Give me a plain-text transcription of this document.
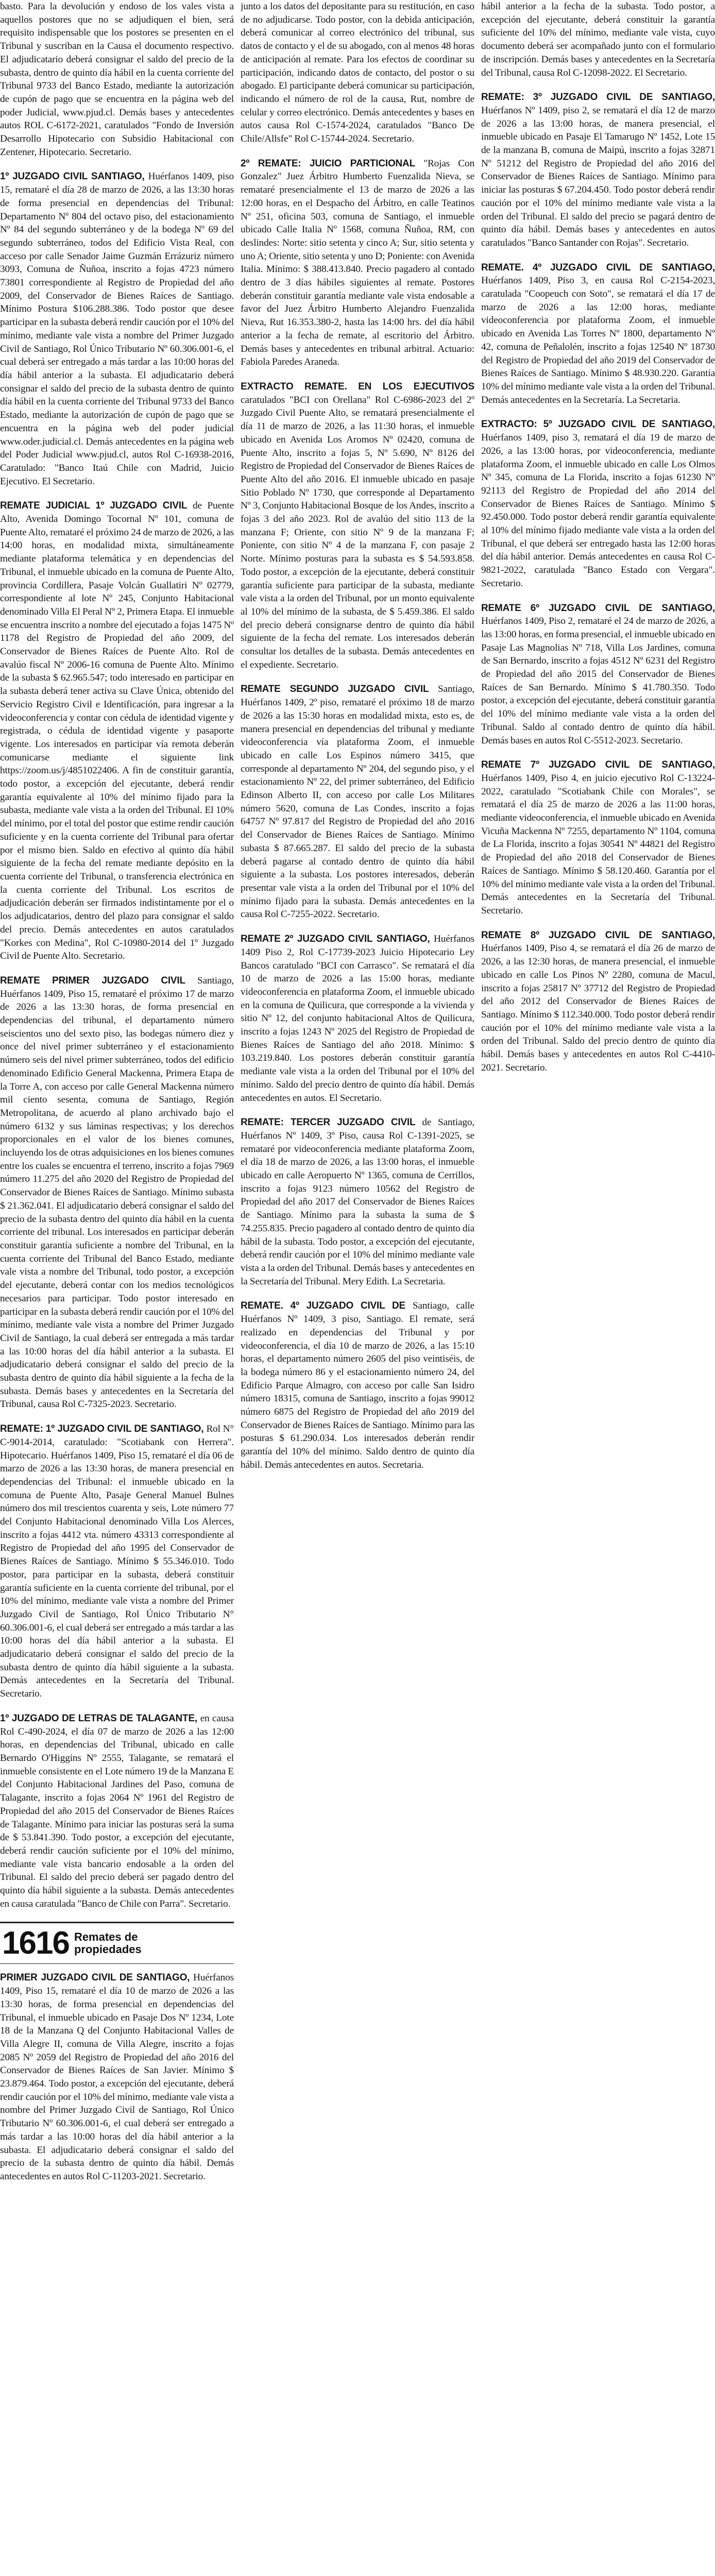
basto. Para la devolución y endoso de los vales vista a aquellos postores que no se adjudiquen el bien, será requisito indispensable que los postores se presenten en el Tribunal y suscriban en la Causa el documento respectivo. El adjudicatario deberá consignar el saldo del precio de la subasta, dentro de quinto día hábil en la cuenta corriente del Tribunal 9733 del Banco Estado, mediante la autorización de cupón de pago que se encuentra en la página web del poder Judicial, www.pjud.cl. Demás bases y antecedentes autos ROL C-6172-2021, caratulados "Fondo de Inversión Desarrollo Hipotecario con Subsidio Habitacional con Zentener, Hipotecario. Secretario.

1º JUZGADO CIVIL SANTIAGO, Huérfanos 1409, piso 15, remataré el día 28 de marzo de 2026, a las 13:30 horas de forma presencial en dependencias del Tribunal: Departamento Nº 804 del octavo piso, del estacionamiento Nº 84 del segundo subterráneo y de la bodega Nº 69 del segundo subterráneo, todos del Edificio Vista Real, con acceso por calle Senador Jaime Guzmán Errázuriz número 3093, Comuna de Ñuñoa, inscrito a fojas 4723 número 73801 correspondiente al Registro de Propiedad del año 2009, del Conservador de Bienes Raíces de Santiago. Mínimo Postura $106.288.386. Todo postor que desee participar en la subasta deberá rendir caución por el 10% del mínimo, mediante vale vista a nombre del Primer Juzgado Civil de Santiago, Rol Único Tributario Nº 60.306.001-6, el cual deberá ser entregado a más tardar a las 10:00 horas del día hábil anterior a la subasta. El adjudicatario deberá consignar el saldo del precio de la subasta dentro de quinto día hábil en la cuenta corriente del Tribunal 9733 del Banco Estado, mediante la autorización de cupón de pago que se encuentra en la página web del poder judicial www.oder.judicial.cl. Demás antecedentes en la página web del Poder Judicial www.pjud.cl, autos Rol C-16938-2016, Caratulado: "Banco Itaú Chile con Madrid, Juicio Ejecutivo. El Secretario.

REMATE JUDICIAL 1º JUZGADO CIVIL de Puente Alto, Avenida Domingo Tocornal Nº 101, comuna de Puente Alto, remataré el próximo 24 de marzo de 2026, a las 14:00 horas, en modalidad mixta, simultáneamente mediante plataforma telemática y en dependencias del Tribunal, el inmueble ubicado en la comuna de Puente Alto, provincia Cordillera, Pasaje Volcán Guallatiri Nº 02779, correspondiente al lote Nº 245, Conjunto Habitacional denominado Villa El Peral Nº 2, Primera Etapa. El inmueble se encuentra inscrito a nombre del ejecutado a fojas 1475 Nº 1178 del Registro de Propiedad del año 2009, del Conservador de Bienes Raíces de Puente Alto. Rol de avalúo fiscal Nº 2006-16 comuna de Puente Alto. Mínimo de la subasta $ 62.965.547; todo interesado en participar en la subasta deberá tener activa su Clave Única, obtenido del Servicio Registro Civil e Identificación, para ingresar a la videoconferencia y contar con cédula de identidad vigente y registrada, o cédula de identidad vigente y pasaporte vigente. Los interesados en participar vía remota deberán comunicarse mediante el siguiente link https://zoom.us/j/4851022406. A fin de constituir garantía, todo postor, a excepción del ejecutante, deberá rendir garantía equivalente al 10% del mínimo fijado para la subasta, mediante vale vista a la orden del Tribunal. El 10% del mínimo, por el total del postor que estime rendir caución suficiente y en la cuenta corriente del Tribunal para ofertar por el mismo bien. Saldo en efectivo al quinto día hábil siguiente de la fecha del remate mediante depósito en la cuenta corriente del Tribunal, o transferencia electrónica en la cuenta corriente del Tribunal. Los escritos de adjudicación deberán ser firmados indistintamente por el o los adjudicatarios, dentro del plazo para consignar el saldo del precio. Demás antecedentes en autos caratulados "Korkes con Medina", Rol C-10980-2014 del 1º Juzgado Civil de Puente Alto. Secretario.

REMATE PRIMER JUZGADO CIVIL Santiago, Huérfanos 1409, Piso 15, remataré el próximo 17 de marzo de 2026 a las 13:30 horas, de forma presencial en dependencias del tribunal, el departamento número seiscientos uno del sexto piso, las bodegas número diez y once del nivel primer subterráneo y el estacionamiento número seis del nivel primer subterráneo, todos del edificio denominado Edificio General Mackenna, Primera Etapa de la Torre A, con acceso por calle General Mackenna número mil ciento sesenta, comuna de Santiago, Región Metropolitana, de acuerdo al plano archivado bajo el número 6132 y sus láminas respectivas; y los derechos proporcionales en el valor de los bienes comunes, incluyendo los de otras adquisiciones en los bienes comunes entre los cuales se encuentra el terreno, inscrito a fojas 7969 número 11.275 del año 2020 del Registro de Propiedad del Conservador de Bienes Raíces de Santiago. Mínimo subasta $ 21.362.041. El adjudicatario deberá consignar el saldo del precio de la subasta dentro del quinto día hábil en la cuenta corriente del tribunal. Los interesados en participar deberán constituir garantía suficiente a nombre del Tribunal, en la cuenta corriente del Tribunal del Banco Estado, mediante vale vista a nombre del Tribunal, todo postor, a excepción del ejecutante, deberá contar con los medios tecnológicos necesarios para participar. Todo postor interesado en participar en la subasta deberá rendir caución por el 10% del mínimo, mediante vale vista a nombre del Primer Juzgado Civil de Santiago, la cual deberá ser entregada a más tardar a las 10:00 horas del día hábil anterior a la subasta. El adjudicatario deberá consignar el saldo del precio de la subasta dentro de quinto día hábil siguiente a la fecha de la subasta. Demás bases y antecedentes en la Secretaría del Tribunal, causa Rol C-7325-2023. Secretario.

REMATE: 1º JUZGADO CIVIL DE SANTIAGO, Rol N° C-9014-2014, caratulado: "Scotiabank con Herrera". Hipotecario. Huérfanos 1409, Piso 15, remataré el día 06 de marzo de 2026 a las 13:30 horas, de manera presencial en dependencias del Tribunal: el inmueble ubicado en la comuna de Puente Alto, Pasaje General Manuel Bulnes número dos mil trescientos cuarenta y seis, Lote número 77 del Conjunto Habitacional denominado Villa Los Alerces, inscrito a fojas 4412 vta. número 43313 correspondiente al Registro de Propiedad del año 1995 del Conservador de Bienes Raíces de Santiago. Mínimo $ 55.346.010. Todo postor, para participar en la subasta, deberá constituir garantía suficiente en la cuenta corriente del tribunal, por el 10% del mínimo, mediante vale vista a nombre del Primer Juzgado Civil de Santiago, Rol Único Tributario N° 60.306.001-6, el cual deberá ser entregado a más tardar a las 10:00 horas del día hábil anterior a la subasta. El adjudicatario deberá consignar el saldo del precio de la subasta dentro de quinto día hábil siguiente a la subasta. Demás antecedentes en la Secretaría del Tribunal. Secretario.

1º JUZGADO DE LETRAS DE TALAGANTE, en causa Rol C-490-2024, el día 07 de marzo de 2026 a las 12:00 horas, en dependencias del Tribunal, ubicado en calle Bernardo O'Higgins Nº 2555, Talagante, se rematará el inmueble consistente en el Lote número 19 de la Manzana E del Conjunto Habitacional Jardines del Paso, comuna de Talagante, inscrito a fojas 2064 Nº 1961 del Registro de Propiedad del año 2015 del Conservador de Bienes Raíces de Talagante. Mínimo para iniciar las posturas será la suma de $ 53.841.390. Todo postor, a excepción del ejecutante, deberá rendir caución suficiente por el 10% del mínimo, mediante vale vista bancario endosable a la orden del Tribunal. El saldo del precio deberá ser pagado dentro del quinto día hábil siguiente a la subasta. Demás antecedentes en causa caratulada "Banco de Chile con Parra". Secretario.

1616 Remates de propiedades

PRIMER JUZGADO CIVIL DE SANTIAGO, Huérfanos 1409, Piso 15, remataré el día 10 de marzo de 2026 a las 13:30 horas, de forma presencial en dependencias del Tribunal, el inmueble ubicado en Pasaje Dos Nº 1234, Lote 18 de la Manzana Q del Conjunto Habitacional Valles de Villa Alegre II, comuna de Villa Alegre, inscrito a fojas 2085 Nº 2059 del Registro de Propiedad del año 2016 del Conservador de Bienes Raíces de San Javier. Mínimo $ 23.879.464. Todo postor, a excepción del ejecutante, deberá rendir caución por el 10% del mínimo, mediante vale vista a nombre del Primer Juzgado Civil de Santiago, Rol Único Tributario Nº 60.306.001-6, el cual deberá ser entregado a más tardar a las 10:00 horas del día hábil anterior a la subasta. El adjudicatario deberá consignar el saldo del precio de la subasta dentro de quinto día hábil. Demás antecedentes en autos Rol C-11203-2021. Secretario.

junto a los datos del depositante para su restitución, en caso de no adjudicarse. Todo postor, con la debida anticipación, deberá comunicar al correo electrónico del tribunal, sus datos de contacto y el de su abogado, con al menos 48 horas de anticipación al remate. Para los efectos de coordinar su participación, indicando datos de contacto, del postor o su abogado. El participante deberá comunicar su participación, indicando el número de rol de la causa, Rut, nombre de celular y correo electrónico. Demás antecedentes y bases en autos causa Rol C-1574-2024, caratulados "Banco De Chile/Allsfe" Rol C-15744-2024. Secretario.

2º REMATE: JUICIO PARTICIONAL "Rojas Con Gonzalez" Juez Árbitro Humberto Fuenzalida Nieva, se remataré presencialmente el 13 de marzo de 2026 a las 12:00 horas, en el Despacho del Árbitro, en calle Teatinos Nº 251, oficina 503, comuna de Santiago, el inmueble ubicado Calle Italia Nº 1568, comuna Ñuñoa, RM, con deslindes: Norte: sitio setenta y cinco A; Sur, sitio setenta y uno A; Oriente, sitio setenta y uno D; Poniente: con Avenida Italia. Mínimo: $ 388.413.840. Precio pagadero al contado dentro de 3 días hábiles siguientes al remate. Postores deberán constituir garantía mediante vale vista endosable a favor del Juez Árbitro Humberto Alejandro Fuenzalida Nieva, Rut 16.353.380-2, hasta las 14:00 hrs. del día hábil anterior a la fecha de remate, al escritorio del Árbitro. Demás bases y antecedentes en tribunal arbitral. Actuario: Fabiola Paredes Araneda.

EXTRACTO REMATE. EN LOS EJECUTIVOS caratulados "BCI con Orellana" Rol C-6986-2023 del 2º Juzgado Civil Puente Alto, se rematará presencialmente el día 11 de marzo de 2026, a las 11:30 horas, el inmueble ubicado en Avenida Los Aromos Nº 02420, comuna de Puente Alto, inscrito a fojas 5, Nº 5.690, Nº 8126 del Registro de Propiedad del Conservador de Bienes Raíces de Puente Alto del año 2016. El inmueble ubicado en pasaje Sitio Poblado Nº 1730, que corresponde al Departamento Nº 3, Conjunto Habitacional Bosque de los Andes, inscrito a fojas 3 del año 2023. Rol de avalúo del sitio 113 de la manzana F; Oriente, con sitio Nº 9 de la manzana F; Poniente, con sitio Nº 4 de la manzana F, con pasaje 2 Norte. Mínimo posturas para la subasta es $ 54.593.858. Todo postor, a excepción de la ejecutante, deberá constituir garantía suficiente para participar de la subasta, mediante vale vista a la orden del Tribunal, por un monto equivalente al 10% del mínimo de la subasta, de $ 5.459.386. El saldo del precio deberá consignarse dentro de quinto día hábil siguiente de la fecha del remate. Los interesados deberán consultar los detalles de la subasta. Demás antecedentes en el expediente. Secretario.

REMATE SEGUNDO JUZGADO CIVIL Santiago, Huérfanos 1409, 2º piso, remataré el próximo 18 de marzo de 2026 a las 15:30 horas en modalidad mixta, esto es, de manera presencial en dependencias del tribunal y mediante videoconferencia vía plataforma Zoom, el inmueble ubicado en calle Los Espinos número 3415, que corresponde al departamento Nº 204, del segundo piso, y el estacionamiento Nº 22, del primer subterráneo, del Edificio Edinson Alberto II, con acceso por calle Los Militares número 5620, comuna de Las Condes, inscrito a fojas 64757 Nº 97.817 del Registro de Propiedad del año 2016 del Conservador de Bienes Raíces de Santiago. Mínimo subasta $ 87.665.287. El saldo del precio de la subasta deberá pagarse al contado dentro de quinto día hábil siguiente a la subasta. Los postores interesados, deberán presentar vale vista a la orden del Tribunal por el 10% del mínimo fijado para la subasta. Demás antecedentes en la causa Rol C-7255-2022. Secretario.

REMATE 2º JUZGADO CIVIL SANTIAGO, Huérfanos 1409 Piso 2, Rol C-17739-2023 Juicio Hipotecario Ley Bancos caratulado "BCI con Carrasco". Se rematará el día 10 de marzo de 2026 a las 15:00 horas, mediante videoconferencia en plataforma Zoom, el inmueble ubicado en la comuna de Quilicura, que corresponde a la vivienda y sitio Nº 12, del conjunto habitacional Altos de Quilicura, inscrito a fojas 1243 Nº 2025 del Registro de Propiedad de Bienes Raíces de Santiago del año 2018. Mínimo: $ 103.219.840. Los postores deberán constituir garantía mediante vale vista a la orden del Tribunal por el 10% del mínimo. Saldo del precio dentro de quinto día hábil. Demás antecedentes en autos. El Secretario.

REMATE: TERCER JUZGADO CIVIL de Santiago, Huérfanos Nº 1409, 3º Piso, causa Rol C-1391-2025, se remataré por videoconferencia mediante plataforma Zoom, el día 18 de marzo de 2026, a las 13:00 horas, el inmueble ubicado en calle Aeropuerto Nº 1365, comuna de Cerrillos, inscrito a fojas 9123 número 10562 del Registro de Propiedad del año 2017 del Conservador de Bienes Raíces de Santiago. Mínimo para la subasta la suma de $ 74.255.835. Precio pagadero al contado dentro de quinto día hábil de la subasta. Todo postor, a excepción del ejecutante, deberá rendir caución por el 10% del mínimo mediante vale vista a la orden del Tribunal. Demás bases y antecedentes en la Secretaría del Tribunal. Mery Edith. La Secretaria.

REMATE. 4º JUZGADO CIVIL DE Santiago, calle Huérfanos Nº 1409, 3 piso, Santiago. El remate, será realizado en dependencias del Tribunal y por videoconferencia, el día 10 de marzo de 2026, a las 15:10 horas, el departamento número 2605 del piso veintiséis, de la bodega número 86 y el estacionamiento número 24, del Edificio Parque Almagro, con acceso por calle San Isidro número 18315, comuna de Santiago, inscrito a fojas 99012 número 6875 del Registro de Propiedad del año 2019 del Conservador de Bienes Raíces de Santiago. Mínimo para las posturas $ 61.290.034. Los interesados deberán rendir garantía del 10% del mínimo. Saldo dentro de quinto día hábil. Demás antecedentes en autos. Secretaria.

hábil anterior a la fecha de la subasta. Todo postor, a excepción del ejecutante, deberá constituir la garantía suficiente del 10% del mínimo, mediante vale vista, cuyo documento deberá ser acompañado junto con el formulario de inscripción. Demás bases y antecedentes en la Secretaría del Tribunal, causa Rol C-12098-2022. El Secretario.

REMATE: 3º JUZGADO CIVIL DE SANTIAGO, Huérfanos Nº 1409, piso 2, se rematará el día 12 de marzo de 2026 a las 13:00 horas, de manera presencial, el inmueble ubicado en Pasaje El Tamarugo Nº 1452, Lote 15 de la manzana B, comuna de Maipú, inscrito a fojas 32871 Nº 51212 del Registro de Propiedad del año 2016 del Conservador de Bienes Raíces de Santiago. Mínimo para iniciar las posturas $ 67.204.450. Todo postor deberá rendir caución por el 10% del mínimo mediante vale vista a la orden del Tribunal. El saldo del precio se pagará dentro de quinto día hábil. Demás bases y antecedentes en autos caratulados "Banco Santander con Rojas". Secretario.

REMATE. 4º JUZGADO CIVIL DE SANTIAGO, Huérfanos 1409, Piso 3, en causa Rol C-2154-2023, caratulada "Coopeuch con Soto", se rematará el día 17 de marzo de 2026 a las 12:00 horas, mediante videoconferencia por plataforma Zoom, el inmueble ubicado en Avenida Las Torres Nº 1800, departamento Nº 42, comuna de Peñalolén, inscrito a fojas 12540 Nº 18730 del Registro de Propiedad del año 2019 del Conservador de Bienes Raíces de Santiago. Mínimo $ 48.930.220. Garantía 10% del mínimo mediante vale vista a la orden del Tribunal. Demás antecedentes en la Secretaría. La Secretaria.

EXTRACTO: 5º JUZGADO CIVIL DE SANTIAGO, Huérfanos 1409, piso 3, rematará el día 19 de marzo de 2026, a las 13:00 horas, por videoconferencia, mediante plataforma Zoom, el inmueble ubicado en calle Los Olmos Nº 345, comuna de La Florida, inscrito a fojas 61230 Nº 92113 del Registro de Propiedad del año 2014 del Conservador de Bienes Raíces de Santiago. Mínimo $ 92.450.000. Todo postor deberá rendir garantía equivalente al 10% del mínimo fijado mediante vale vista a la orden del Tribunal, el que deberá ser entregado hasta las 12:00 horas del día hábil anterior. Demás antecedentes en causa Rol C-9821-2022, caratulada "Banco Estado con Vergara". Secretario.

REMATE 6º JUZGADO CIVIL DE SANTIAGO, Huérfanos 1409, Piso 2, remataré el 24 de marzo de 2026, a las 13:00 horas, en forma presencial, el inmueble ubicado en Pasaje Las Magnolias Nº 718, Villa Los Jardines, comuna de San Bernardo, inscrito a fojas 4512 Nº 6231 del Registro de Propiedad del año 2015 del Conservador de Bienes Raíces de San Bernardo. Mínimo $ 41.780.350. Todo postor, a excepción del ejecutante, deberá constituir garantía del 10% del mínimo mediante vale vista a la orden del Tribunal. Saldo al contado dentro de quinto día hábil. Demás bases en autos Rol C-5512-2023. Secretario.

REMATE 7º JUZGADO CIVIL DE SANTIAGO, Huérfanos 1409, Piso 4, en juicio ejecutivo Rol C-13224-2022, caratulado "Scotiabank Chile con Morales", se rematará el día 25 de marzo de 2026 a las 11:00 horas, mediante videoconferencia, el inmueble ubicado en Avenida Vicuña Mackenna Nº 7255, departamento Nº 1104, comuna de La Florida, inscrito a fojas 30541 Nº 44821 del Registro de Propiedad del año 2018 del Conservador de Bienes Raíces de Santiago. Mínimo $ 58.120.460. Garantía por el 10% del mínimo mediante vale vista a la orden del Tribunal. Demás antecedentes en la Secretaría del Tribunal. Secretario.

REMATE 8º JUZGADO CIVIL DE SANTIAGO, Huérfanos 1409, Piso 4, se rematará el día 26 de marzo de 2026, a las 12:30 horas, de manera presencial, el inmueble ubicado en calle Los Pinos Nº 2280, comuna de Macul, inscrito a fojas 25817 Nº 37712 del Registro de Propiedad del año 2012 del Conservador de Bienes Raíces de Santiago. Mínimo $ 112.340.000. Todo postor deberá rendir caución por el 10% del mínimo mediante vale vista a la orden del Tribunal. Saldo del precio dentro de quinto día hábil. Demás bases y antecedentes en autos Rol C-4410-2021. Secretario.
